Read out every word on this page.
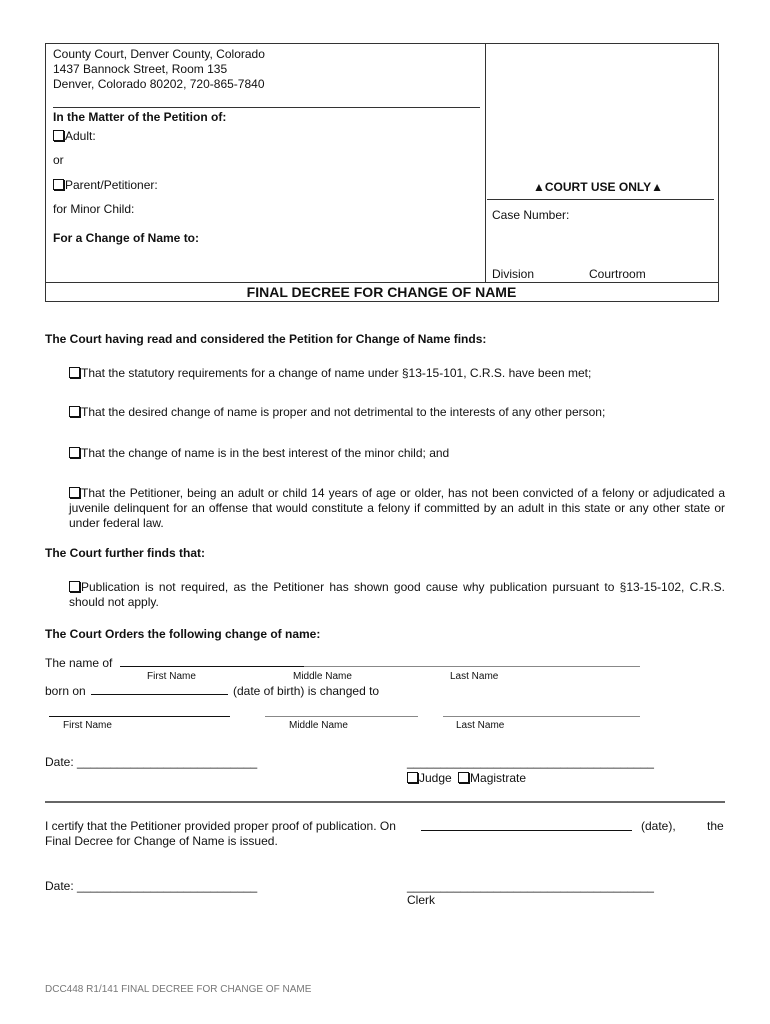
County Court, Denver County, Colorado
1437 Bannock Street, Room 135
Denver, Colorado 80202, 720-865-7840
In the Matter of the Petition of:
Adult:
or
Parent/Petitioner:
for Minor Child:
For a Change of Name to:
▲COURT USE ONLY▲
Case Number:
Division	Courtroom
FINAL DECREE FOR CHANGE OF NAME
The Court having read and considered the Petition for Change of Name finds:
That the statutory requirements for a change of name under §13-15-101, C.R.S. have been met;
That the desired change of name is proper and not detrimental to the interests of any other person;
That the change of name is in the best interest of the minor child; and
That the Petitioner, being an adult or child 14 years of age or older, has not been convicted of a felony or adjudicated a juvenile delinquent for an offense that would constitute a felony if committed by an adult in this state or any other state or under federal law.
The Court further finds that:
Publication is not required, as the Petitioner has shown good cause why publication pursuant to §13-15-102, C.R.S. should not apply.
The Court Orders the following change of name:
The name of
First Name	Middle Name	Last Name
born on	(date of birth) is changed to
First Name	Middle Name	Last Name
Date: ___________________________	_____________________________________
Judge Magistrate
I certify that the Petitioner provided proper proof of publication. On	(date),	the
Final Decree for Change of Name is issued.
Date: ___________________________	_____________________________________
Clerk
DCC448 R1/141 FINAL DECREE FOR CHANGE OF NAME
